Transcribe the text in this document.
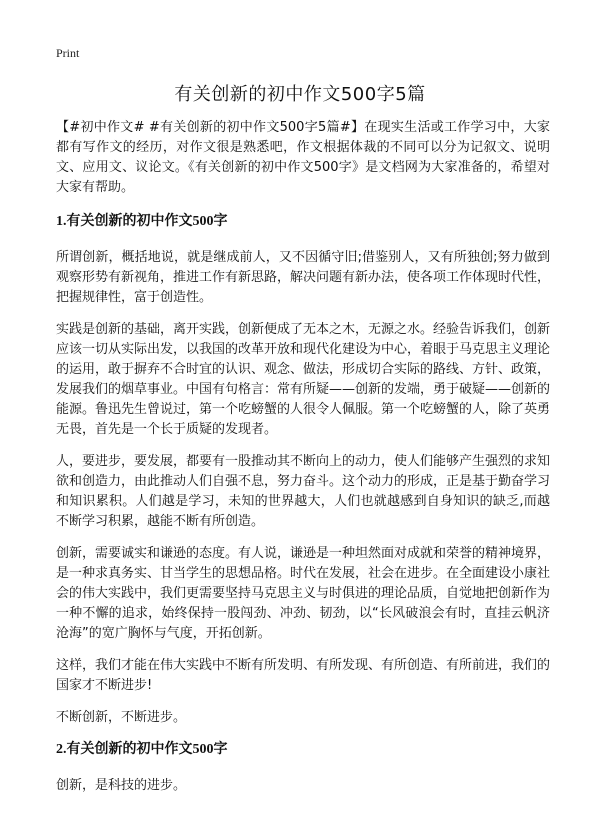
Print
有关创新的初中作文500字5篇

【#初中作文# #有关创新的初中作文500字5篇#】在现实生活或工作学习中，大家都有写作文的经历，对作文很是熟悉吧，作文根据体裁的不同可以分为记叙文、说明文、应用文、议论文。《有关创新的初中作文500字》是文档网为大家准备的，希望对大家有帮助。

1.有关创新的初中作文500字

所谓创新，概括地说，就是继成前人，又不因循守旧;借鉴别人，又有所独创;努力做到观察形势有新视角，推进工作有新思路，解决问题有新办法，使各项工作体现时代性，把握规律性，富于创造性。

实践是创新的基础，离开实践，创新便成了无本之木，无源之水。经验告诉我们，创新应该一切从实际出发，以我国的改革开放和现代化建设为中心，着眼于马克思主义理论的运用，敢于摒弃不合时宜的认识、观念、做法，形成切合实际的路线、方针、政策，发展我们的烟草事业。中国有句格言：常有所疑——创新的发端，勇于破疑——创新的能源。鲁迅先生曾说过，第一个吃螃蟹的人很令人佩服。第一个吃螃蟹的人，除了英勇无畏，首先是一个长于质疑的发现者。

人，要进步，要发展，都要有一股推动其不断向上的动力，使人们能够产生强烈的求知欲和创造力，由此推动人们自强不息，努力奋斗。这个动力的形成，正是基于勤奋学习和知识累积。人们越是学习，未知的世界越大，人们也就越感到自身知识的缺乏,而越不断学习积累，越能不断有所创造。

创新，需要诚实和谦逊的态度。有人说，谦逊是一种坦然面对成就和荣誉的精神境界，是一种求真务实、甘当学生的思想品格。时代在发展，社会在进步。在全面建设小康社会的伟大实践中，我们更需要坚持马克思主义与时俱进的理论品质，自觉地把创新作为一种不懈的追求，始终保持一股闯劲、冲劲、韧劲，以“长风破浪会有时，直挂云帆济沧海”的宽广胸怀与气度，开拓创新。

这样，我们才能在伟大实践中不断有所发明、有所发现、有所创造、有所前进，我们的国家才不断进步!

不断创新，不断进步。

2.有关创新的初中作文500字

创新，是科技的进步。
